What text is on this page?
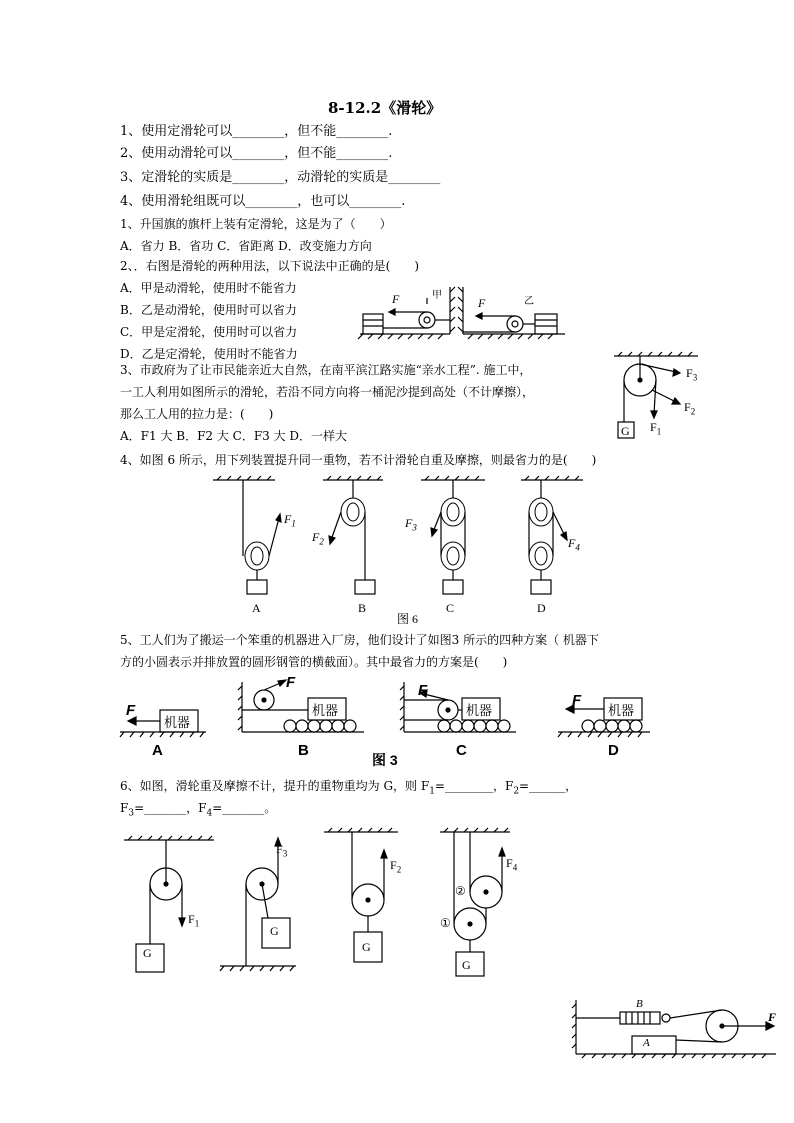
8-12.2《滑轮》
1、使用定滑轮可以________，但不能________.
2、使用动滑轮可以________，但不能________.
3、定滑轮的实质是________，动滑轮的实质是________
4、使用滑轮组既可以________，也可以________.
1、升国旗的旗杆上装有定滑轮，这是为了（　　）
A．省力 B．省功 C．省距离 D．改变施力方向
2、．右图是滑轮的两种用法，以下说法中正确的是(　　)
A．甲是动滑轮，使用时不能省力
B．乙是动滑轮，使用时可以省力
C．甲是定滑轮，使用时可以省力
D．乙是定滑轮，使用时不能省力
F	甲
F	乙
3、市政府为了让市民能亲近大自然，在南平滨江路实施“亲水工程”. 施工中，
一工人利用如图所示的滑轮，若沿不同方向将一桶泥沙提到高处（不计摩擦），
那么工人用的拉力是：(　　)
A．F1 大 B．F2 大 C．F3 大 D．一样大
$F_3$
$F_2$
$F_1$
G
4、如图 6 所示，用下列装置提升同一重物，若不计滑轮自重及摩擦，则最省力的是(　　)
$F_1$
$F_2$
$F_3$
$F_4$
A	B	C	D
图 6
5、工人们为了搬运一个笨重的机器进入厂房，他们设计了如图3 所示的四种方案（ 机器下
方的小圆表示并排放置的圆形钢管的横截面）。其中最省力的方案是(　　)
机器
机器	机器	机器
F
F	F
F
A	B	C	D
图 3
6、如图，滑轮重及摩擦不计，提升的重物重均为 G，则 $F_1=\_\_\_\_\_\_\_\_$，$F_2=\_\_\_\_\_\_$，
$F_3=\_\_\_\_\_\_\_$，$F_4=\_\_\_\_\_\_\_$。
G
$F_1$
G
$F_3$
G
$F_2$
G
$F_4$
②
①
B
A
F
